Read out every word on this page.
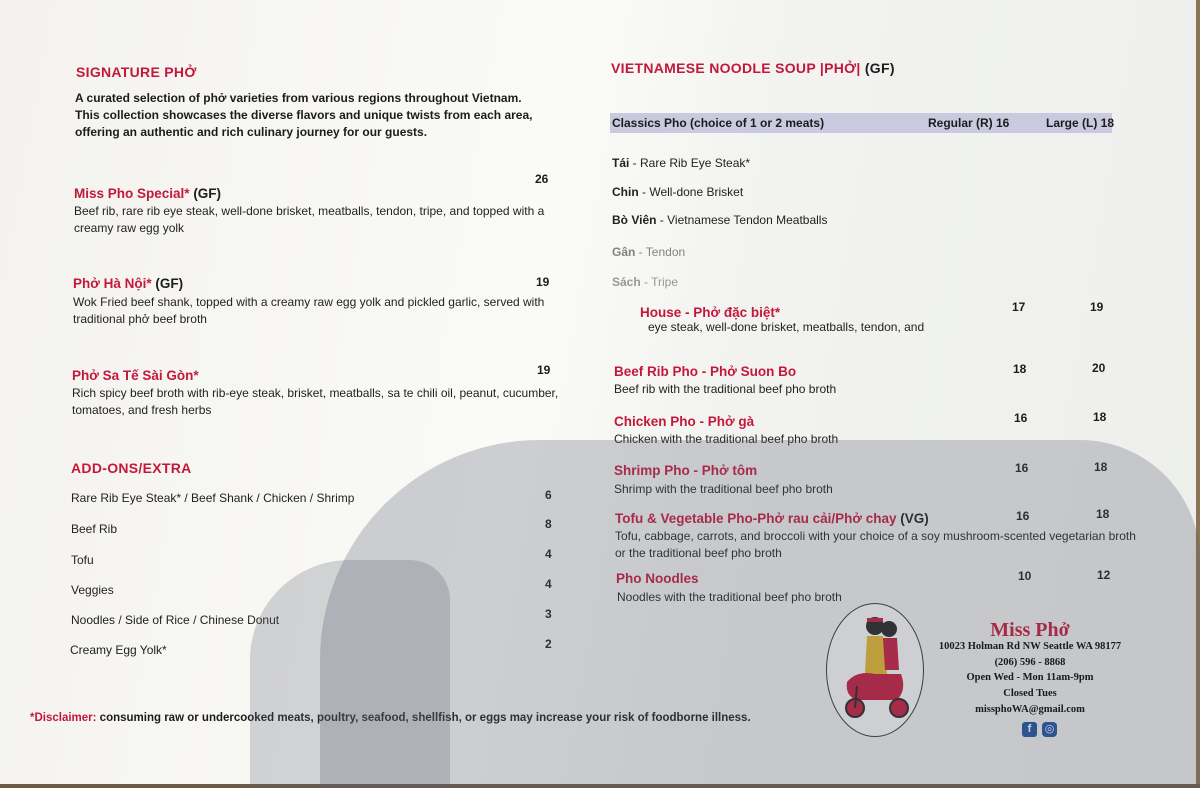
SIGNATURE PHỞ
A curated selection of phở varieties from various regions throughout Vietnam. This collection showcases the diverse flavors and unique twists from each area, offering an authentic and rich culinary journey for our guests.
Miss Pho Special* (GF)
26
Beef rib, rare rib eye steak, well-done brisket, meatballs, tendon, tripe, and topped with a creamy raw egg yolk
Phở Hà Nội* (GF)	19
Wok Fried beef shank, topped with a creamy raw egg yolk and pickled garlic, served with traditional phở beef broth
Phở Sa Tế Sài Gòn*	19
Rich spicy beef broth with rib-eye steak, brisket, meatballs, sa te chili oil, peanut, cucumber, tomatoes, and fresh herbs
ADD-ONS/EXTRA
Rare Rib Eye Steak* / Beef Shank / Chicken / Shrimp	6
Beef Rib	8
Tofu	4
Veggies	4
Noodles / Side of Rice / Chinese Donut	3
Creamy Egg Yolk*	2
*Disclaimer: consuming raw or undercooked meats, poultry, seafood, shellfish, or eggs may increase your risk of foodborne illness.
VIETNAMESE NOODLE SOUP |PHỞ| (GF)
Classics Pho (choice of 1 or 2 meats)	Regular (R) 16	Large (L) 18
Tái - Rare Rib Eye Steak*
Chin - Well-done Brisket
Bò Viên - Vietnamese Tendon Meatballs
Gân - Tendon
Sách - Tripe
House - Phở đặc biệt*	17	19
eye steak, well-done brisket, meatballs, tendon, and
Beef Rib Pho - Phở Suon Bo	18	20
Beef rib with the traditional beef pho broth
Chicken Pho - Phở gà	16	18
Chicken with the traditional beef pho broth
Shrimp Pho - Phở tôm	16	18
Shrimp with the traditional beef pho broth
Tofu & Vegetable Pho-Phở rau cải/Phở chay (VG)	16	18
Tofu, cabbage, carrots, and broccoli with your choice of a soy mushroom-scented vegetarian broth or the traditional beef pho broth
Pho Noodles	10	12
Noodles with the traditional beef pho broth
Miss Phở
10023 Holman Rd NW Seattle WA 98177
(206) 596 - 8868
Open Wed - Mon 11am-9pm
Closed Tues
missphoWA@gmail.com
f	◎
